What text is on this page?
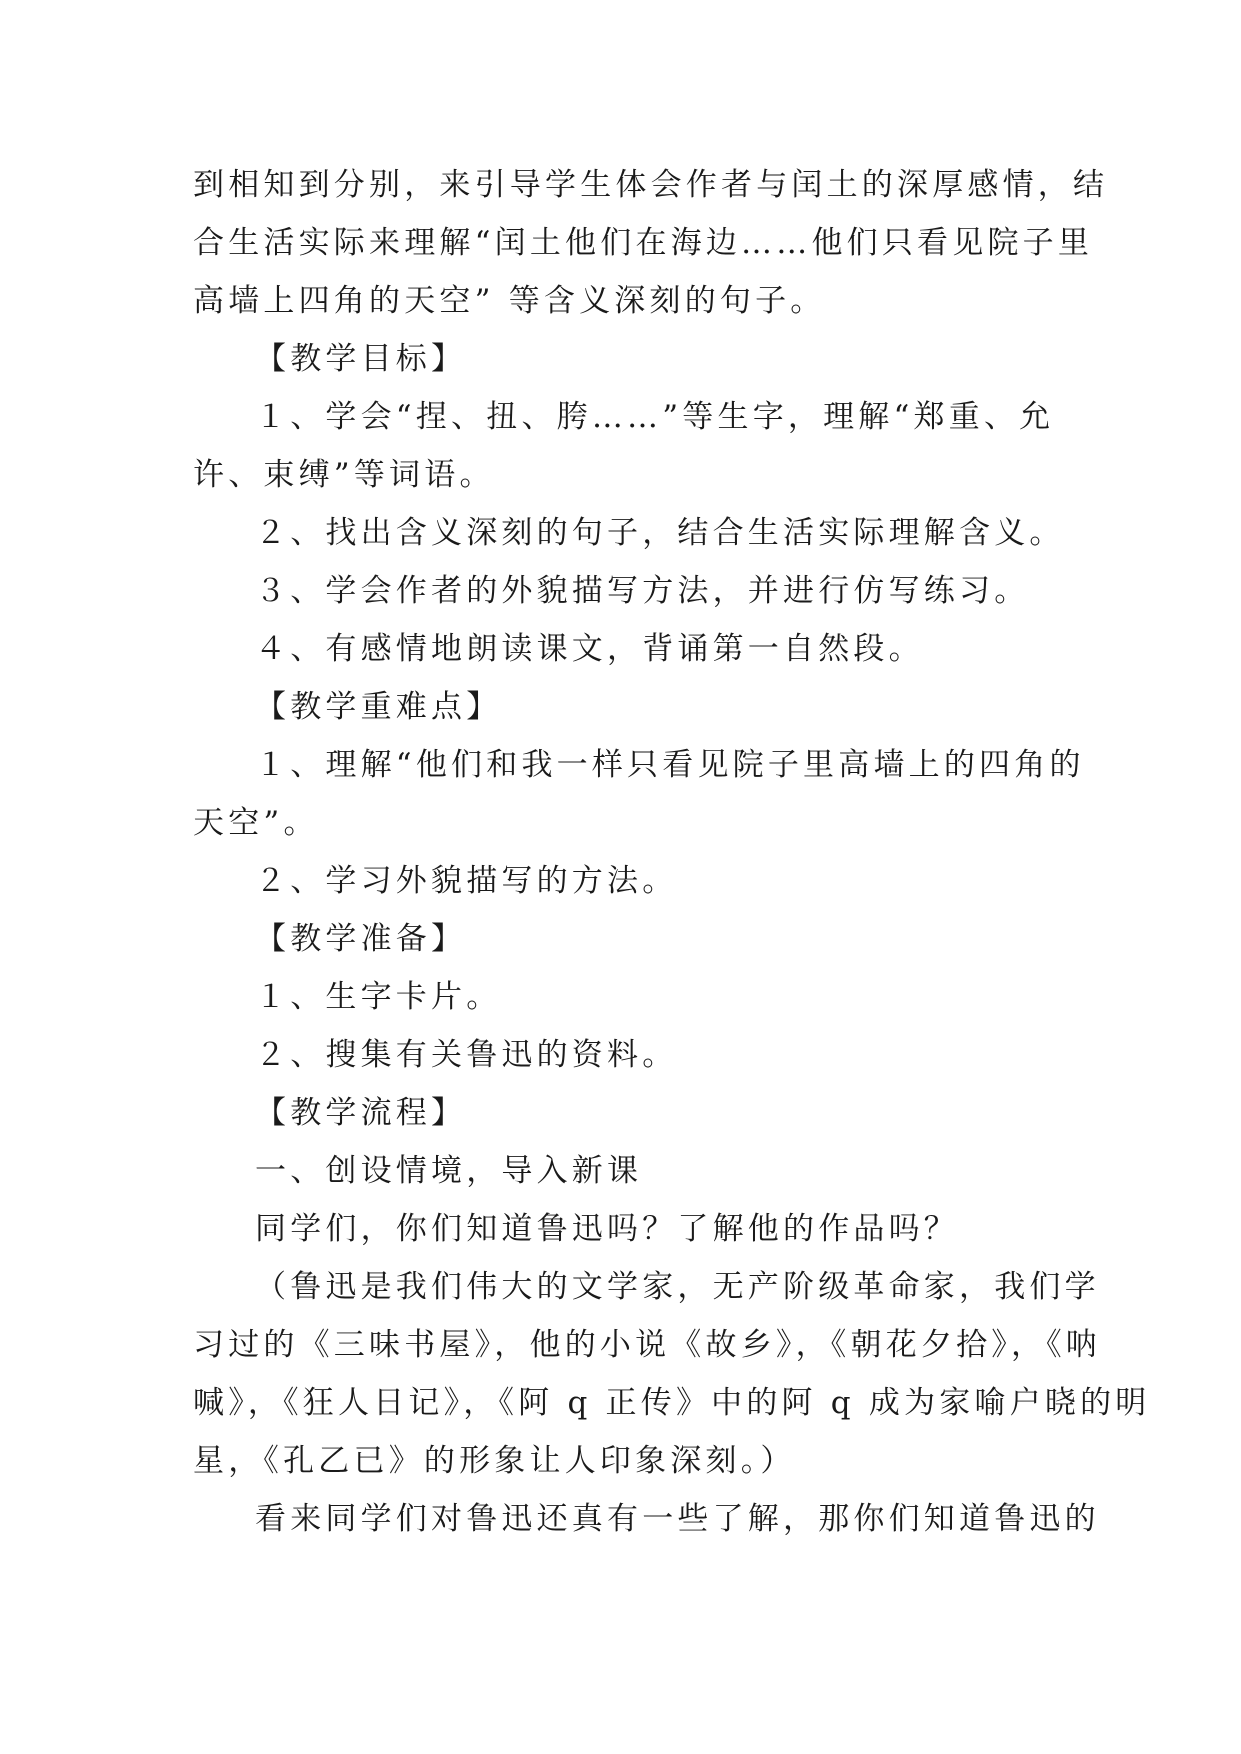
到相知到分别，来引导学生体会作者与闰土的深厚感情，结
合生活实际来理解“闰土他们在海边……他们只看见院子里
高墙上四角的天空” 等含义深刻的句子。
【教学目标】
１、学会“捏、扭、胯……”等生字，理解“郑重、允
许、束缚”等词语。
２、找出含义深刻的句子，结合生活实际理解含义。
３、学会作者的外貌描写方法，并进行仿写练习。
４、有感情地朗读课文，背诵第一自然段。
【教学重难点】
１、理解“他们和我一样只看见院子里高墙上的四角的
天空”。
２、学习外貌描写的方法。
【教学准备】
１、生字卡片。
２、搜集有关鲁迅的资料。
【教学流程】
一、创设情境，导入新课
同学们，你们知道鲁迅吗？了解他的作品吗？
（鲁迅是我们伟大的文学家，无产阶级革命家，我们学
习过的《三味书屋》，他的小说《故乡》，《朝花夕拾》，《呐
喊》，《狂人日记》，《阿 q 正传》中的阿 q 成为家喻户晓的明
星，《孔乙已》的形象让人印象深刻。）
看来同学们对鲁迅还真有一些了解，那你们知道鲁迅的
